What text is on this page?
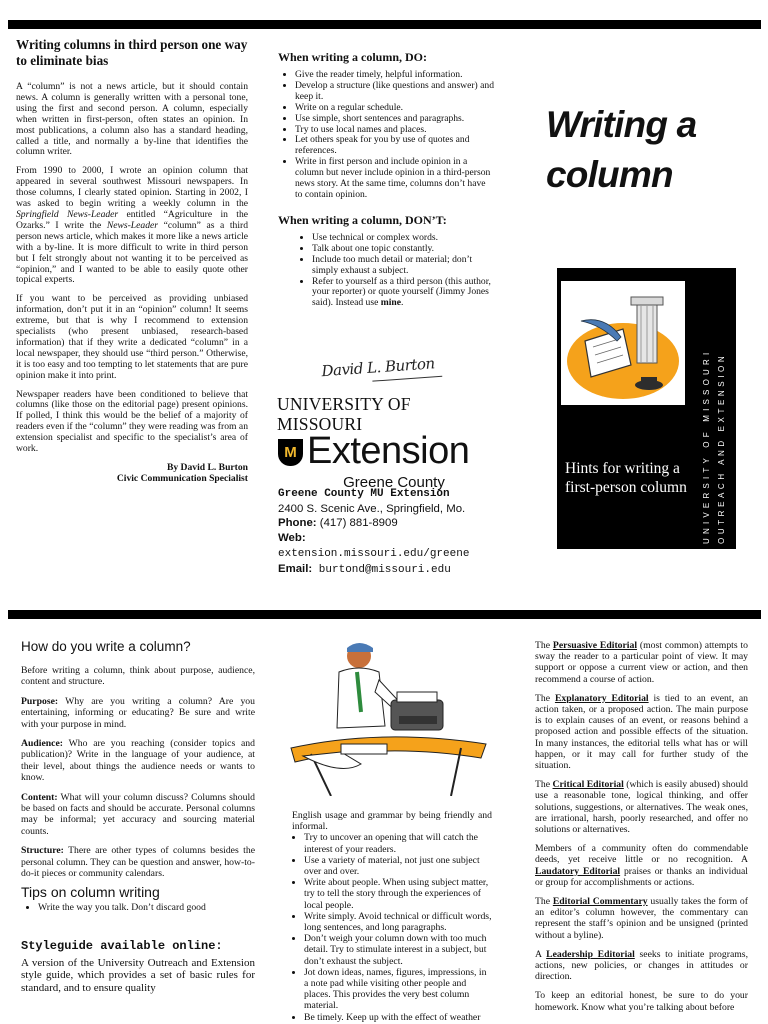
Writing columns in third person one way to eliminate bias

A “column” is not a news article, but it should contain news. A column is generally written with a personal tone, using the first and second person. A column, especially when written in first-person, often states an opinion. In most publications, a column also has a standard heading, called a title, and normally a by-line that identifies the column writer.

From 1990 to 2000, I wrote an opinion column that appeared in several southwest Missouri newspapers. In those columns, I clearly stated opinion. Starting in 2002, I was asked to begin writing a weekly column in the Springfield News-Leader entitled “Agriculture in the Ozarks.” I write the News-Leader “column” as a third person news article, which makes it more like a news article with a by-line. It is more difficult to write in third person but I felt strongly about not wanting it to be perceived as “opinion,” and I wanted to be able to easily quote other topical experts.

If you want to be perceived as providing unbiased information, don’t put it in an “opinion” column! It seems extreme, but that is why I recommend to extension specialists (who present unbiased, research-based information) that if they write a dedicated “column” in a local newspaper, they should use “third person.” Otherwise, it is too easy and too tempting to let statements that are pure opinion make it into print.

Newspaper readers have been conditioned to believe that columns (like those on the editorial page) present opinions. If polled, I think this would be the belief of a majority of readers even if the “column” they were reading was from an extension specialist and specific to the specialist’s area of work.

By David L. Burton
Civic Communication Specialist
When writing a column, DO:
• Give the reader timely, helpful information.
• Develop a structure (like questions and answer) and keep it.
• Write on a regular schedule.
• Use simple, short sentences and paragraphs.
• Try to use local names and places.
• Let others speak for you by use of quotes and references.
• Write in first person and include opinion in a column but never include opinion in a third-person news story. At the same time, columns don’t have to contain opinion.
When writing a column, DON’T:
• Use technical or complex words.
• Talk about one topic constantly.
• Include too much detail or material; don’t simply exhaust a subject.
• Refer to yourself as a third person (this author, your reporter) or quote yourself (Jimmy Jones said). Instead use mine.
David L. Burton
UNIVERSITY OF MISSOURI
M Extension
Greene County
Greene County MU Extension
2400 S. Scenic Ave., Springfield, Mo.
Phone: (417) 881-8909
Web: extension.missouri.edu/greene
Email: burtond@missouri.edu
Writing a
column
Hints for writing a first-person column UNIVERSITY OF MISSOURI OUTREACH AND EXTENSION
How do you write a column?

Before writing a column, think about purpose, audience, content and structure.

Purpose: Why are you writing a column? Are you entertaining, informing or educating? Be sure and write with your purpose in mind.

Audience: Who are you reaching (consider topics and publication)? Write in the language of your audience, at their level, about things the audience needs or wants to know.

Content: What will your column discuss? Columns should be based on facts and should be accurate. Personal columns may be informal; yet accuracy and sourcing material counts.

Structure: There are other types of columns besides the personal column. They can be question and answer, how-to-do-it pieces or community calendars.

Tips on column writing
• Write the way you talk. Don’t discard good
Styleguide available online:

A version of the University Outreach and Extension style guide, which provides a set of basic rules for standard, and to ensure quality

English usage and grammar by being friendly and informal.

• Try to uncover an opening that will catch the interest of your readers.
• Use a variety of material, not just one subject over and over.
• Write about people. When using subject matter, try to tell the story through the experiences of local people.
• Write simply. Avoid technical or difficult words, long sentences, and long paragraphs.
• Don’t weigh your column down with too much detail. Try to stimulate interest in a subject, but don’t exhaust the subject.
• Jot down ideas, names, figures, impressions, in a note pad while visiting other people and places. This provides the very best column material.
• Be timely. Keep up with the effect of weather

The Persuasive Editorial (most common) attempts to sway the reader to a particular point of view. It may support or oppose a current view or action, and then recommend a course of action.

The Explanatory Editorial is tied to an event, an action taken, or a proposed action. The main purpose is to explain causes of an event, or reasons behind a proposed action and possible effects of the situation. In many instances, the editorial tells what has or will happen, or it may call for further study of the situation.

The Critical Editorial (which is easily abused) should use a reasonable tone, logical thinking, and offer solutions, suggestions, or alternatives. The weak ones, are irrational, harsh, poorly researched, and offer no solutions or alternatives.

Members of a community often do commendable deeds, yet receive little or no recognition. A Laudatory Editorial praises or thanks an individual or group for accomplishments or actions.

The Editorial Commentary usually takes the form of an editor’s column however, the commentary can represent the staff’s opinion and be unsigned (printed without a byline).

A Leadership Editorial seeks to initiate programs, actions, new policies, or changes in attitudes or direction.

To keep an editorial honest, be sure to do your homework. Know what you’re talking about before
